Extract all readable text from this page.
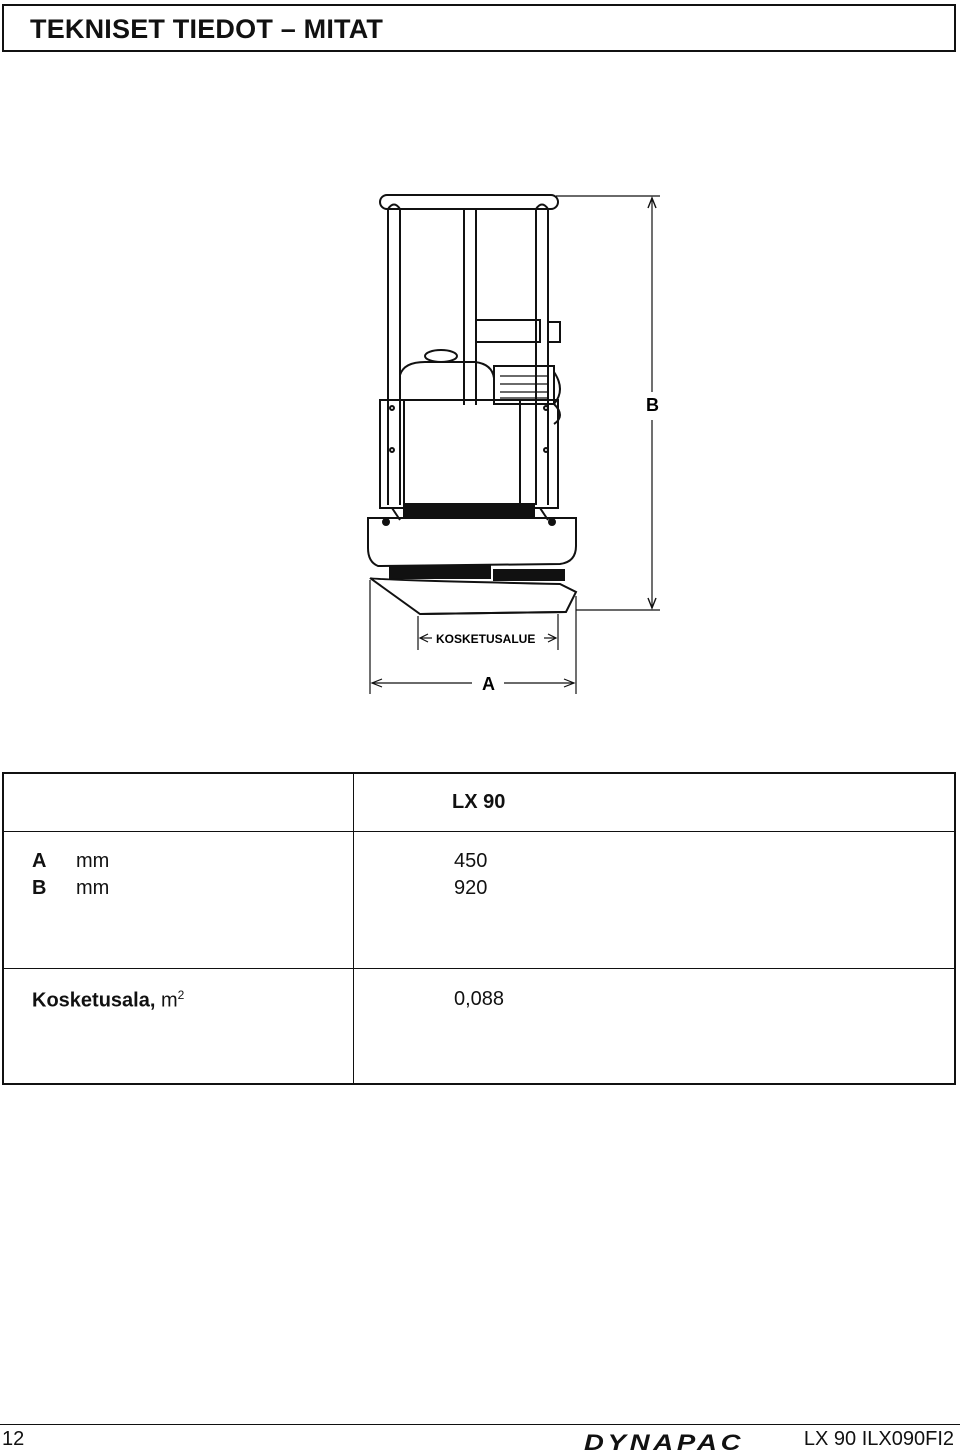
TEKNISET TIEDOT – MITAT
B
KOSKETUSALUE
A
LX 90
A mm	450
B mm	920
Kosketusala, $m^2$	0,088
12	DYNAPAC	LX 90 ILX090FI2
